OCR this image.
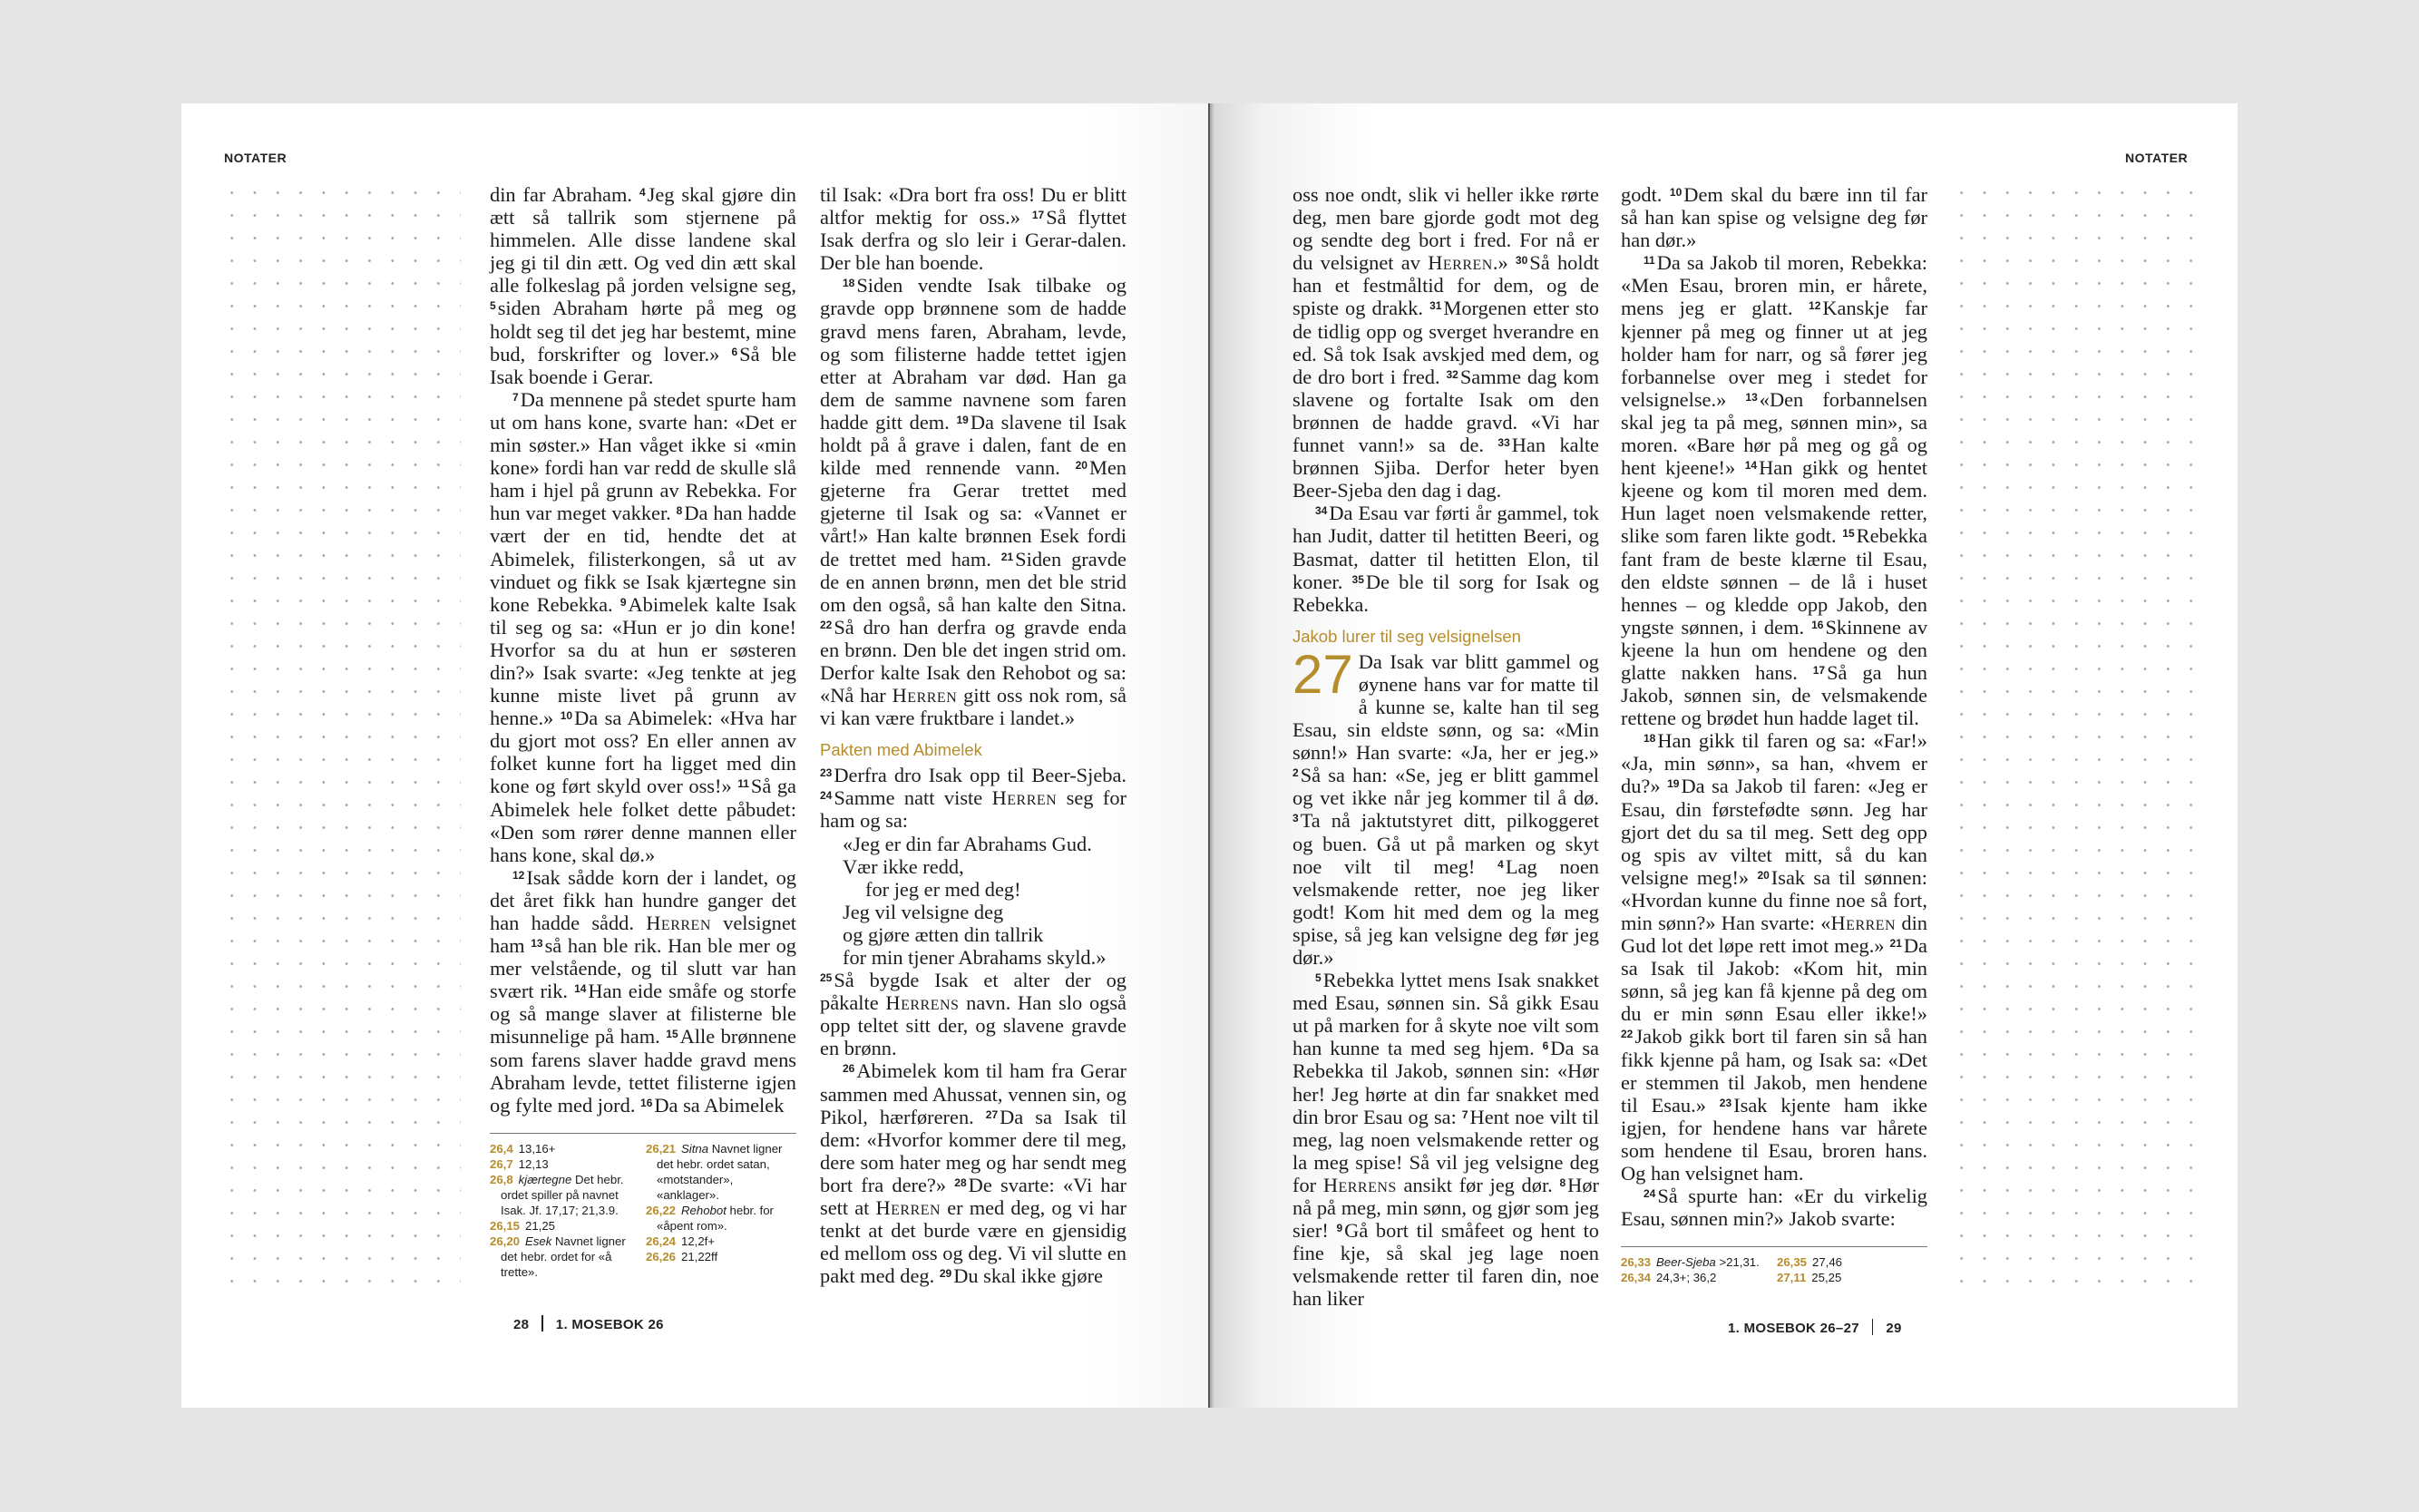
NOTATER	NOTATER

din far Abraham. $^4$Jeg skal gjøre din ætt så tallrik som stjernene på himmelen. Alle disse landene skal jeg gi til din ætt. Og ved din ætt skal alle folkeslag på jorden velsigne seg, $^5$siden Abraham hørte på meg og holdt seg til det jeg har bestemt, mine bud, forskrifter og lover.» $^6$Så ble Isak boende i Gerar.

$^7$Da mennene på stedet spurte ham ut om hans kone, svarte han: «Det er min søster.» Han våget ikke si «min kone» fordi han var redd de skulle slå ham i hjel på grunn av Rebekka. For hun var meget vakker. $^8$Da han hadde vært der en tid, hendte det at Abimelek, filisterkongen, så ut av vinduet og fikk se Isak kjærtegne sin kone Rebekka. $^9$Abimelek kalte Isak til seg og sa: «Hun er jo din kone! Hvorfor sa du at hun er søsteren din?» Isak svarte: «Jeg tenkte at jeg kunne miste livet på grunn av henne.» $^{10}$Da sa Abimelek: «Hva har du gjort mot oss? En eller annen av folket kunne fort ha ligget med din kone og ført skyld over oss!» $^{11}$Så ga Abimelek hele folket dette påbudet: «Den som rører denne mannen eller hans kone, skal dø.»

$^{12}$Isak sådde korn der i landet, og det året fikk han hundre ganger det han hadde sådd. Herren velsignet ham $^{13}$så han ble rik. Han ble mer og mer velstående, og til slutt var han svært rik. $^{14}$Han eide småfe og storfe og så mange slaver at filisterne ble misunnelige på ham. $^{15}$Alle brønnene som farens slaver hadde gravd mens Abraham levde, tettet filisterne igjen og fylte med jord. $^{16}$Da sa Abimelek

26,4 13,16+
26,7 12,13
26,8 kjærtegne Det hebr. ordet spiller på navnet Isak. Jf. 17,17; 21,3.9.
26,15 21,25
26,20 Esek Navnet ligner det hebr. ordet for «å trette».
26,21 Sitna Navnet ligner det hebr. ordet satan, «motstander», «anklager».
26,22 Rehobot hebr. for «åpent rom».
26,24 12,2f+
26,26 21,22ff
28 1. MOSEBOK 26

til Isak: «Dra bort fra oss! Du er blitt altfor mektig for oss.» $^{17}$Så flyttet Isak derfra og slo leir i Gerar-dalen. Der ble han boende.

$^{18}$Siden vendte Isak tilbake og gravde opp brønnene som de hadde gravd mens faren, Abraham, levde, og som filisterne hadde tettet igjen etter at Abraham var død. Han ga dem de samme navnene som faren hadde gitt dem. $^{19}$Da slavene til Isak holdt på å grave i dalen, fant de en kilde med rennende vann. $^{20}$Men gjeterne fra Gerar trettet med gjeterne til Isak og sa: «Vannet er vårt!» Han kalte brønnen Esek fordi de trettet med ham. $^{21}$Siden gravde de en annen brønn, men det ble strid om den også, så han kalte den Sitna. $^{22}$Så dro han derfra og gravde enda en brønn. Den ble det ingen strid om. Derfor kalte Isak den Rehobot og sa: «Nå har Herren gitt oss nok rom, så vi kan være fruktbare i landet.»

Pakten med Abimelek

$^{23}$Derfra dro Isak opp til Beer-Sjeba. $^{24}$Samme natt viste Herren seg for ham og sa:

«Jeg er din far Abrahams Gud.

Vær ikke redd,

for jeg er med deg!

Jeg vil velsigne deg

og gjøre ætten din tallrik

for min tjener Abrahams skyld.»

$^{25}$Så bygde Isak et alter der og påkalte Herrens navn. Han slo også opp teltet sitt der, og slavene gravde en brønn.

$^{26}$Abimelek kom til ham fra Gerar sammen med Ahussat, vennen sin, og Pikol, hærføreren. $^{27}$Da sa Isak til dem: «Hvorfor kommer dere til meg, dere som hater meg og har sendt meg bort fra dere?» $^{28}$De svarte: «Vi har sett at Herren er med deg, og vi har tenkt at det burde være en gjensidig ed mellom oss og deg. Vi vil slutte en pakt med deg. $^{29}$Du skal ikke gjøre

oss noe ondt, slik vi heller ikke rørte deg, men bare gjorde godt mot deg og sendte deg bort i fred. For nå er du velsignet av Herren.» $^{30}$Så holdt han et festmåltid for dem, og de spiste og drakk. $^{31}$Morgenen etter sto de tidlig opp og sverget hverandre en ed. Så tok Isak avskjed med dem, og de dro bort i fred. $^{32}$Samme dag kom slavene og fortalte Isak om den brønnen de hadde gravd. «Vi har funnet vann!» sa de. $^{33}$Han kalte brønnen Sjiba. Derfor heter byen Beer-Sjeba den dag i dag.

$^{34}$Da Esau var førti år gammel, tok han Judit, datter til hetitten Beeri, og Basmat, datter til hetitten Elon, til koner. $^{35}$De ble til sorg for Isak og Rebekka.

Jakob lurer til seg velsignelsen

27 Da Isak var blitt gammel og øynene hans var for matte til å kunne se, kalte han til seg Esau, sin eldste sønn, og sa: «Min sønn!» Han svarte: «Ja, her er jeg.» $^2$Så sa han: «Se, jeg er blitt gammel og vet ikke når jeg kommer til å dø. $^3$Ta nå jaktutstyret ditt, pilkoggeret og buen. Gå ut på marken og skyt noe vilt til meg! $^4$Lag noen velsmakende retter, noe jeg liker godt! Kom hit med dem og la meg spise, så jeg kan velsigne deg før jeg dør.»

$^5$Rebekka lyttet mens Isak snakket med Esau, sønnen sin. Så gikk Esau ut på marken for å skyte noe vilt som han kunne ta med seg hjem. $^6$Da sa Rebekka til Jakob, sønnen sin: «Hør her! Jeg hørte at din far snakket med din bror Esau og sa: $^7$Hent noe vilt til meg, lag noen velsmakende retter og la meg spise! Så vil jeg velsigne deg for Herrens ansikt før jeg dør. $^8$Hør nå på meg, min sønn, og gjør som jeg sier! $^9$Gå bort til småfeet og hent to fine kje, så skal jeg lage noen velsmakende retter til faren din, noe han liker

godt. $^{10}$Dem skal du bære inn til far så han kan spise og velsigne deg før han dør.»

$^{11}$Da sa Jakob til moren, Rebekka: «Men Esau, broren min, er hårete, mens jeg er glatt. $^{12}$Kanskje far kjenner på meg og finner ut at jeg holder ham for narr, og så fører jeg forbannelse over meg i stedet for velsignelse.» $^{13}$«Den forbannelsen skal jeg ta på meg, sønnen min», sa moren. «Bare hør på meg og gå og hent kjeene!» $^{14}$Han gikk og hentet kjeene og kom til moren med dem. Hun laget noen velsmakende retter, slike som faren likte godt. $^{15}$Rebekka fant fram de beste klærne til Esau, den eldste sønnen – de lå i huset hennes – og kledde opp Jakob, den yngste sønnen, i dem. $^{16}$Skinnene av kjeene la hun om hendene og den glatte nakken hans. $^{17}$Så ga hun Jakob, sønnen sin, de velsmakende rettene og brødet hun hadde laget til.

$^{18}$Han gikk til faren og sa: «Far!» «Ja, min sønn», sa han, «hvem er du?» $^{19}$Da sa Jakob til faren: «Jeg er Esau, din førstefødte sønn. Jeg har gjort det du sa til meg. Sett deg opp og spis av viltet mitt, så du kan velsigne meg!» $^{20}$Isak sa til sønnen: «Hvordan kunne du finne noe så fort, min sønn?» Han svarte: «Herren din Gud lot det løpe rett imot meg.» $^{21}$Da sa Isak til Jakob: «Kom hit, min sønn, så jeg kan få kjenne på deg om du er min sønn Esau eller ikke!» $^{22}$Jakob gikk bort til faren sin så han fikk kjenne på ham, og Isak sa: «Det er stemmen til Jakob, men hendene til Esau.» $^{23}$Isak kjente ham ikke igjen, for hendene hans var hårete som hendene til Esau, broren hans. Og han velsignet ham.

$^{24}$Så spurte han: «Er du virkelig Esau, sønnen min?» Jakob svarte:

26,33 Beer-Sjeba >21,31.
26,34 24,3+; 36,2
26,35 27,46
27,11 25,25
1. MOSEBOK 26–27 29
